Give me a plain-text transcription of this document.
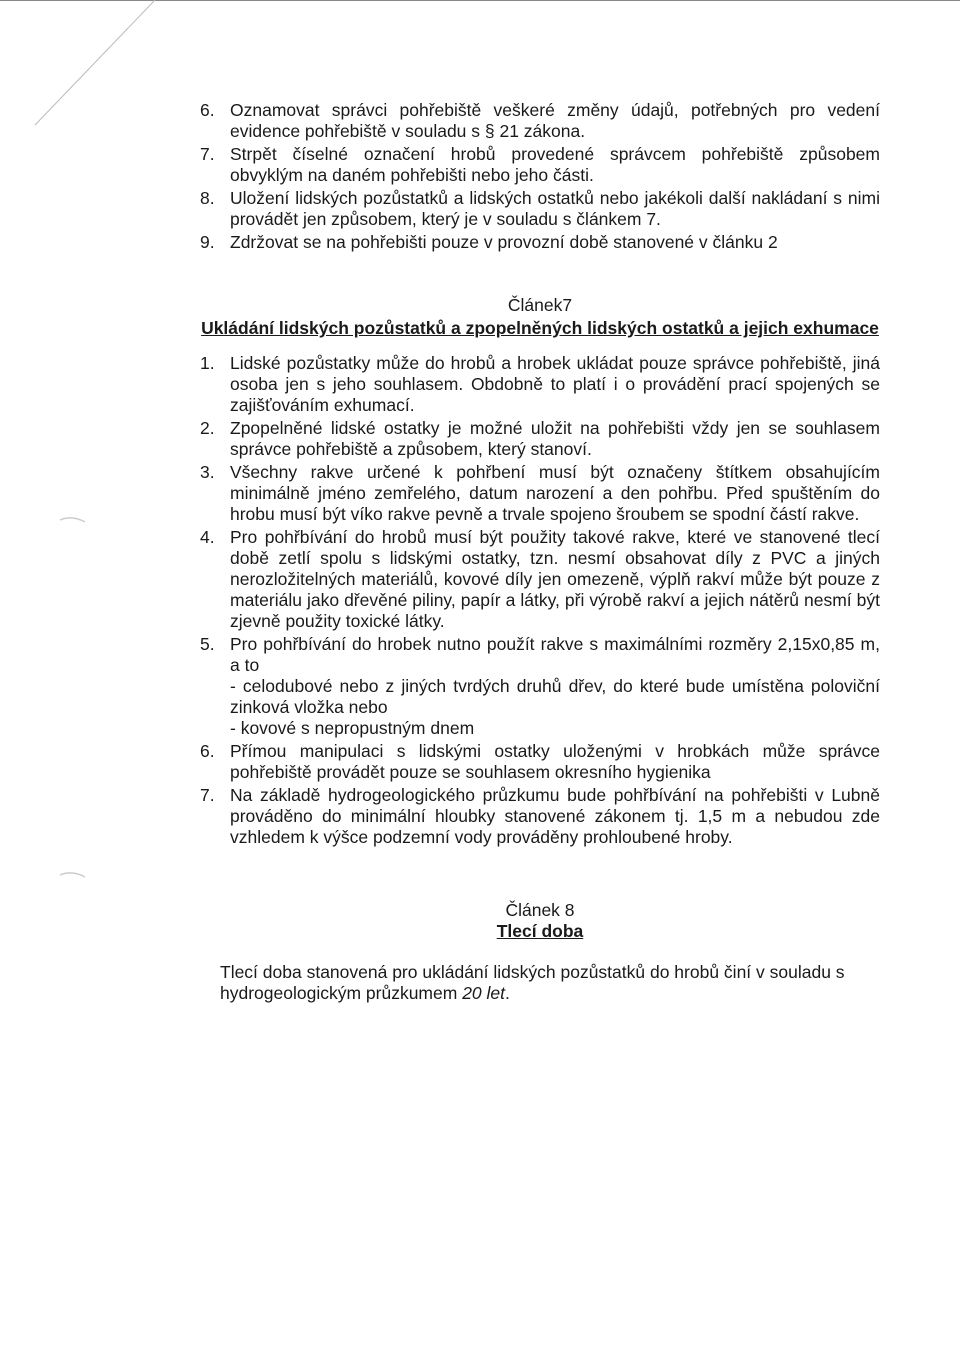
6. Oznamovat správci pohřebiště veškeré změny údajů, potřebných pro vedení evidence pohřebiště v souladu s § 21 zákona.
7. Strpět číselné označení hrobů provedené správcem pohřebiště způsobem obvyklým na daném pohřebišti nebo jeho části.
8. Uložení lidských pozůstatků a lidských ostatků nebo jakékoli další nakládaní s nimi provádět jen způsobem, který je v souladu s článkem 7.
9. Zdržovat se na pohřebišti pouze v provozní době stanovené v článku 2
Článek7
Ukládání lidských pozůstatků a zpopelněných lidských ostatků a jejich exhumace
1. Lidské pozůstatky může do hrobů a hrobek ukládat pouze správce pohřebiště, jiná osoba jen s jeho souhlasem. Obdobně to platí i o provádění prací spojených se zajišťováním exhumací.
2. Zpopelněné lidské ostatky je možné uložit na pohřebišti vždy jen se souhlasem správce pohřebiště a způsobem, který stanoví.
3. Všechny rakve určené k pohřbení musí být označeny štítkem obsahujícím minimálně jméno zemřelého, datum narození a den pohřbu. Před spuštěním do hrobu musí být víko rakve pevně a trvale spojeno šroubem se spodní částí rakve.
4. Pro pohřbívání do hrobů musí být použity takové rakve, které ve stanovené tlecí době zetlí spolu s lidskými ostatky, tzn. nesmí obsahovat díly z PVC a jiných nerozložitelných materiálů, kovové díly jen omezeně, výplň rakví může být pouze z materiálu jako dřevěné piliny, papír a látky, při výrobě rakví a jejich nátěrů nesmí být zjevně použity toxické látky.
5. Pro pohřbívání do hrobek nutno použít rakve s maximálními rozměry 2,15x0,85 m, a to
- celodubové nebo z jiných tvrdých druhů dřev, do které bude umístěna poloviční zinková vložka nebo
- kovové s nepropustným dnem
6. Přímou manipulaci s lidskými ostatky uloženými v hrobkách může správce pohřebiště provádět pouze se souhlasem okresního hygienika
7. Na základě hydrogeologického průzkumu bude pohřbívání na pohřebišti v Lubně prováděno do minimální hloubky stanovené zákonem tj. 1,5 m a nebudou zde vzhledem k výšce podzemní vody prováděny prohloubené hroby.
Článek 8
Tlecí doba

Tlecí doba stanovená pro ukládání lidských pozůstatků do hrobů činí v souladu s hydrogeologickým průzkumem 20 let.
